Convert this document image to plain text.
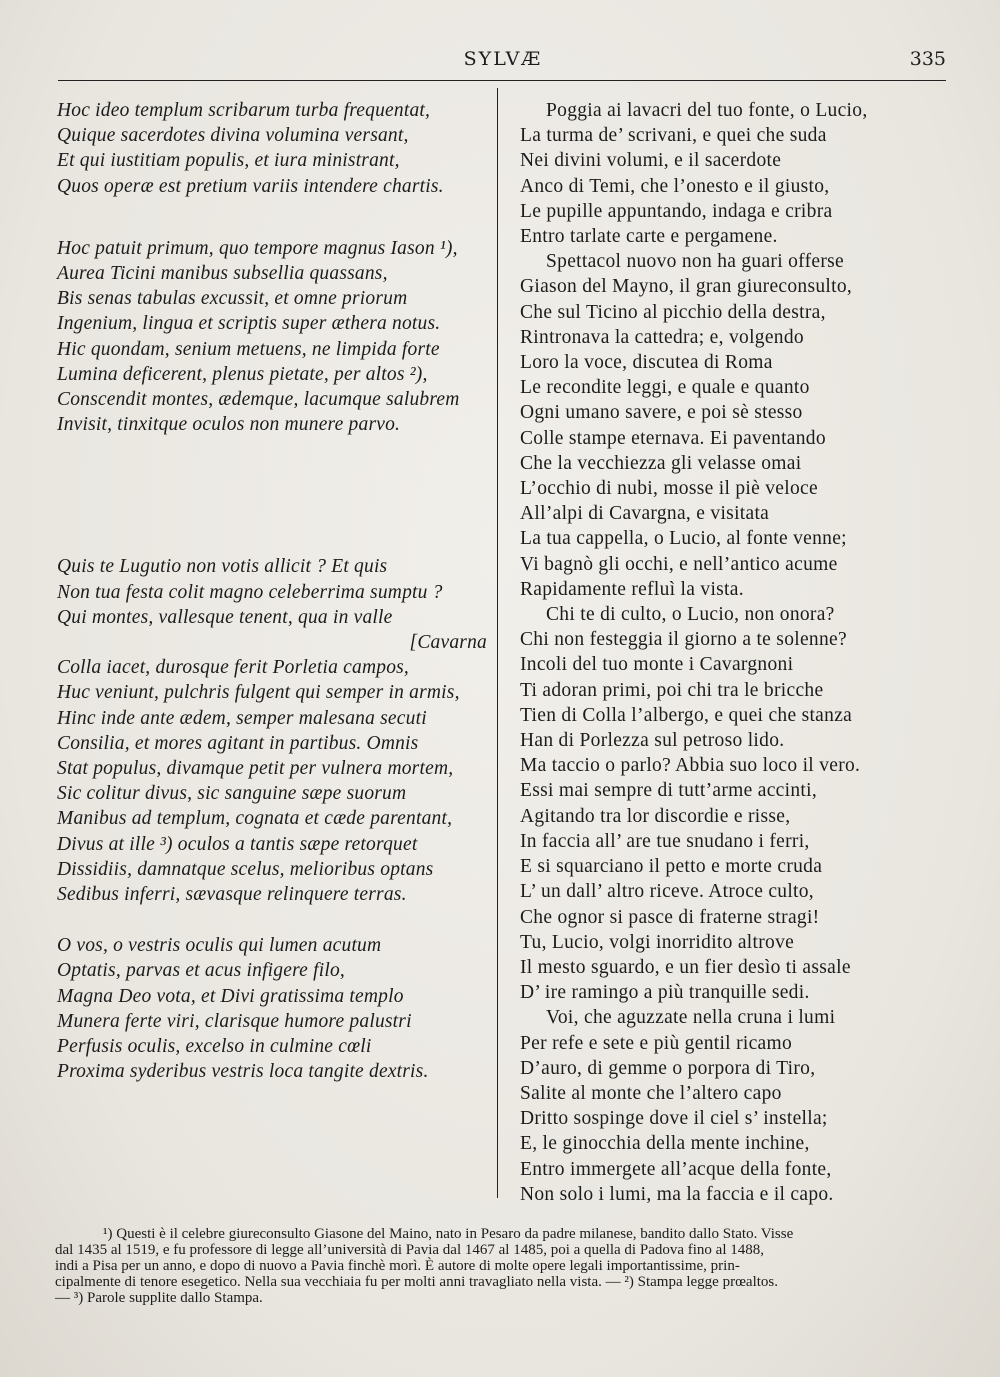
SYLVÆ	335
Hoc ideo templum scribarum turba frequentat,
Quique sacerdotes divina volumina versant,
Et qui iustitiam populis, et iura ministrant,
Quos operæ est pretium variis intendere chartis.
Hoc patuit primum, quo tempore magnus Iason ¹),
Aurea Ticini manibus subsellia quassans,
Bis senas tabulas excussit, et omne priorum
Ingenium, lingua et scriptis super æthera notus.
Hic quondam, senium metuens, ne limpida forte
Lumina deficerent, plenus pietate, per altos ²),
Conscendit montes, ædemque, lacumque salubrem
Invisit, tinxitque oculos non munere parvo.
Quis te Lugutio non votis allicit ? Et quis
Non tua festa colit magno celeberrima sumptu ?
Qui montes, vallesque tenent, qua in valle
[Cavarna
Colla iacet, durosque ferit Porletia campos,
Huc veniunt, pulchris fulgent qui semper in armis,
Hinc inde ante ædem, semper malesana secuti
Consilia, et mores agitant in partibus. Omnis
Stat populus, divamque petit per vulnera mortem,
Sic colitur divus, sic sanguine sæpe suorum
Manibus ad templum, cognata et cæde parentant,
Divus at ille ³) oculos a tantis sæpe retorquet
Dissidiis, damnatque scelus, melioribus optans
Sedibus inferri, sævasque relinquere terras.
O vos, o vestris oculis qui lumen acutum
Optatis, parvas et acus infigere filo,
Magna Deo vota, et Divi gratissima templo
Munera ferte viri, clarisque humore palustri
Perfusis oculis, excelso in culmine cœli
Proxima syderibus vestris loca tangite dextris.
Poggia ai lavacri del tuo fonte, o Lucio,
La turma de’ scrivani, e quei che suda
Nei divini volumi, e il sacerdote
Anco di Temi, che l’onesto e il giusto,
Le pupille appuntando, indaga e cribra
Entro tarlate carte e pergamene.
Spettacol nuovo non ha guari offerse
Giason del Mayno, il gran giureconsulto,
Che sul Ticino al picchio della destra,
Rintronava la cattedra; e, volgendo
Loro la voce, discutea di Roma
Le recondite leggi, e quale e quanto
Ogni umano savere, e poi sè stesso
Colle stampe eternava. Ei paventando
Che la vecchiezza gli velasse omai
L’occhio di nubi, mosse il piè veloce
All’alpi di Cavargna, e visitata
La tua cappella, o Lucio, al fonte venne;
Vi bagnò gli occhi, e nell’antico acume
Rapidamente refluì la vista.
Chi te di culto, o Lucio, non onora?
Chi non festeggia il giorno a te solenne?
Incoli del tuo monte i Cavargnoni
Ti adoran primi, poi chi tra le bricche
Tien di Colla l’albergo, e quei che stanza
Han di Porlezza sul petroso lido.
Ma taccio o parlo? Abbia suo loco il vero.
Essi mai sempre di tutt’arme accinti,
Agitando tra lor discordie e risse,
In faccia all’ are tue snudano i ferri,
E si squarciano il petto e morte cruda
L’ un dall’ altro riceve. Atroce culto,
Che ognor si pasce di fraterne stragi!
Tu, Lucio, volgi inorridito altrove
Il mesto sguardo, e un fier desìo ti assale
D’ ire ramingo a più tranquille sedi.
Voi, che aguzzate nella cruna i lumi
Per refe e sete e più gentil ricamo
D’auro, di gemme o porpora di Tiro,
Salite al monte che l’altero capo
Dritto sospinge dove il ciel s’ instella;
E, le ginocchia della mente inchine,
Entro immergete all’acque della fonte,
Non solo i lumi, ma la faccia e il capo.
¹) Questi è il celebre giureconsulto Giasone del Maino, nato in Pesaro da padre milanese, bandito dallo Stato. Visse
dal 1435 al 1519, e fu professore di legge all’università di Pavia dal 1467 al 1485, poi a quella di Padova fino al 1488,
indi a Pisa per un anno, e dopo di nuovo a Pavia finchè morì. È autore di molte opere legali importantissime, prin-
cipalmente di tenore esegetico. Nella sua vecchiaia fu per molti anni travagliato nella vista. — ²) Stampa legge prœaltos.
— ³) Parole supplite dallo Stampa.
